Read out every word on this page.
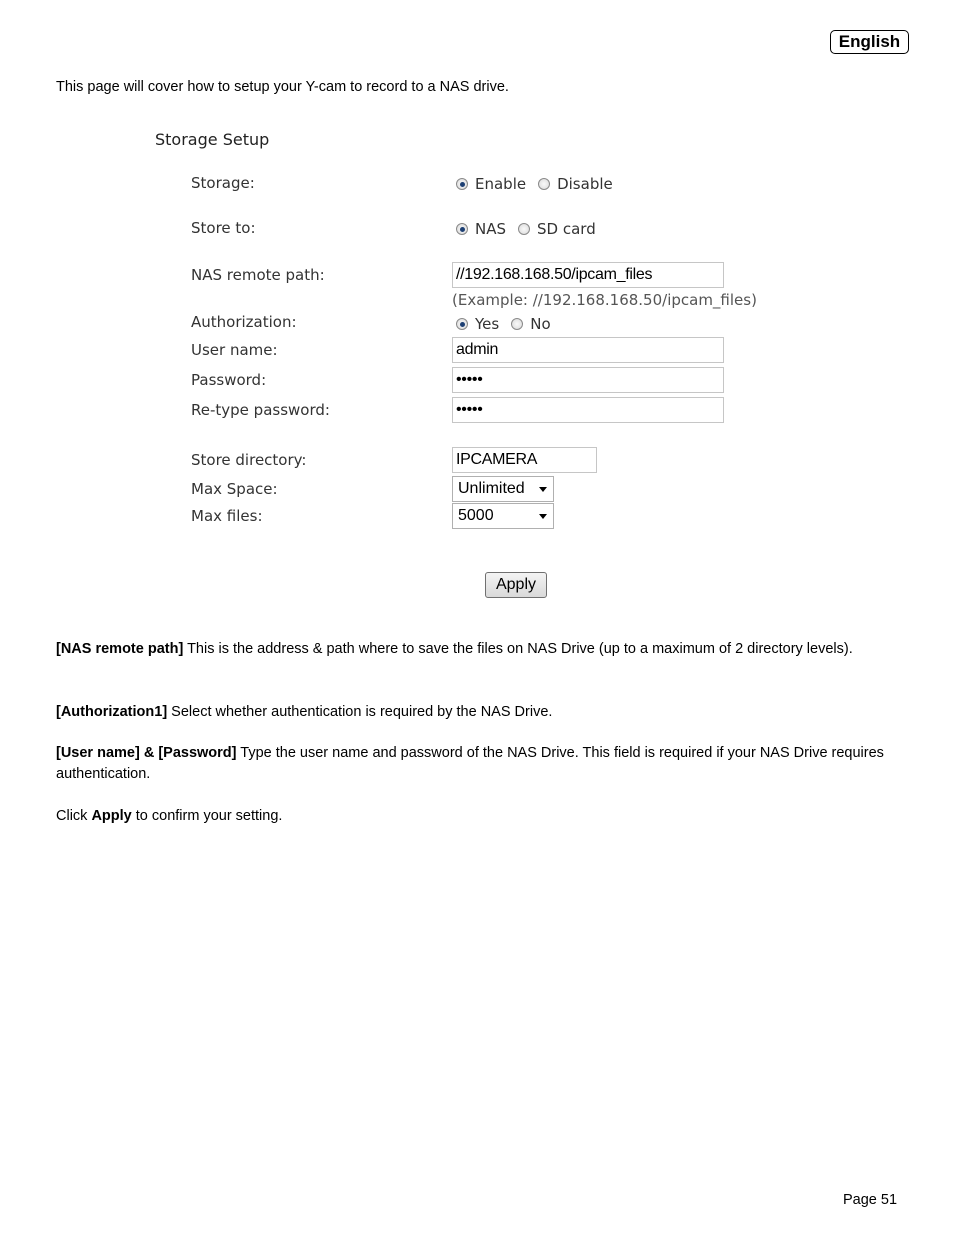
English
This page will cover how to setup your Y-cam to record to a NAS drive.
Storage Setup
Storage:	Enable Disable
Store to:	NAS SD card
NAS remote path:	//192.168.168.50/ipcam_files
(Example: //192.168.168.50/ipcam_files)
Authorization:	Yes No
User name:	admin
Password:	•••••
Re-type password:	•••••
Store directory:	IPCAMERA
Max Space:	Unlimited
Max files:	5000
Apply
[NAS remote path] This is the address & path where to save the files on NAS Drive (up to a maximum of 2 directory levels).
[Authorization1] Select whether authentication is required by the NAS Drive.
[User name] & [Password] Type the user name and password of the NAS Drive. This field is required if your NAS Drive requires authentication.
Click Apply to confirm your setting.
Page 51
